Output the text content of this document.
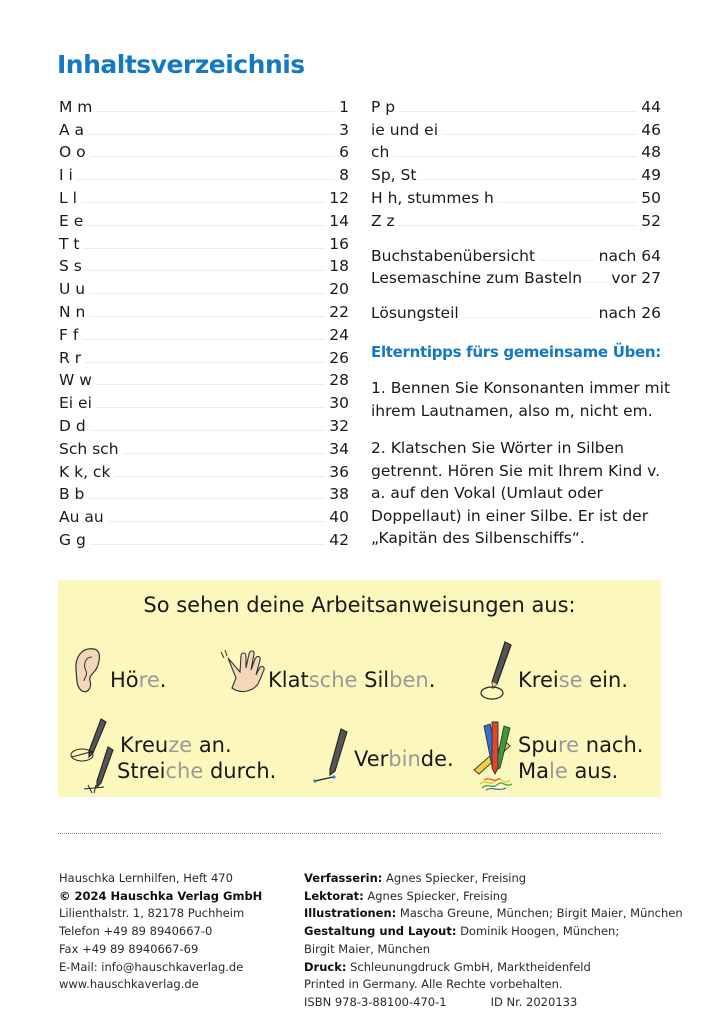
Inhaltsverzeichnis
M m	1
A a	3
O o	6
I i	8
L l	12
E e	14
T t	16
S s	18
U u	20
N n	22
F f	24
R r	26
W w	28
Ei ei	30
D d	32
Sch sch	34
K k, ck	36
B b	38
Au au	40
G g	42
P p	44
ie und ei	46
ch	48
Sp, St	49
H h, stummes h	50
Z z	52
Buchstabenübersicht	nach 64
Lesemaschine zum Basteln vor 27
Lösungsteil	nach 26
Elterntipps fürs gemeinsame Üben:
1. Bennen Sie Konsonanten immer mit ihrem Lautnamen, also m, nicht em.
2. Klatschen Sie Wörter in Silben getrennt. Hören Sie mit Ihrem Kind v. a. auf den Vokal (Umlaut oder Doppellaut) in einer Silbe. Er ist der „Kapitän des Silbenschiffs“.
So sehen deine Arbeitsanweisungen aus:
Höre.	Klatsche Silben.	Kreise ein.
Kreuze an.
Streiche durch.	Verbinde.
Spure nach.
Male aus.
Hauschka Lernhilfen, Heft 470
© 2024 Hauschka Verlag GmbH
Lilienthalstr. 1, 82178 Puchheim
Telefon +49 89 8940667-0
Fax +49 89 8940667-69
E-Mail: info@hauschkaverlag.de
www.hauschkaverlag.de
Verfasserin: Agnes Spiecker, Freising
Lektorat: Agnes Spiecker, Freising
Illustrationen: Mascha Greune, München; Birgit Maier, München
Gestaltung und Layout: Dominik Hoogen, München;
Birgit Maier, München
Druck: Schleunungdruck GmbH, Marktheidenfeld
Printed in Germany. Alle Rechte vorbehalten.
ISBN 978-3-88100-470-1	ID Nr. 2020133
